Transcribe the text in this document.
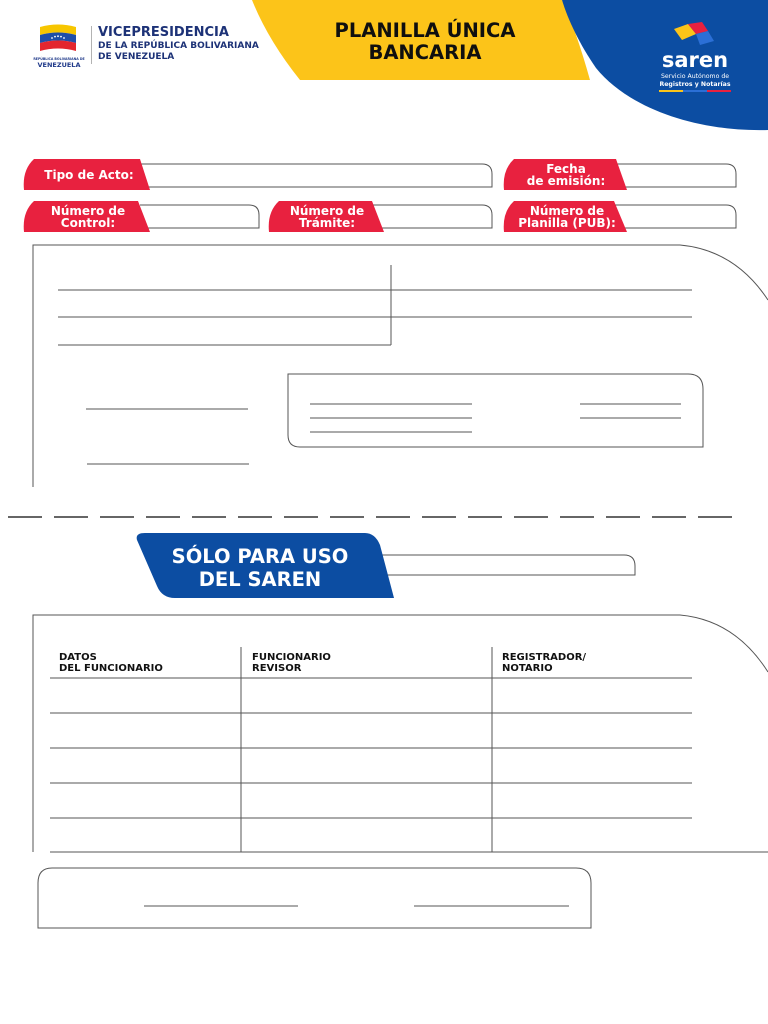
REPÚBLICA BOLIVARIANA DE
VENEZUELA
VICEPRESIDENCIA
DE LA REPÚBLICA BOLIVARIANA
DE VENEZUELA
PLANILLA ÚNICA
BANCARIA	saren
Servicio Autónomo de
Registros y Notarías
Tipo de Acto:	Fecha
de emisión:
Número de
Control:
Número de
Trámite:
Número de
Planilla (PUB):
SÓLO PARA USO
DEL SAREN
DATOS
DEL FUNCIONARIO
FUNCIONARIO
REVISOR
REGISTRADOR/
NOTARIO
